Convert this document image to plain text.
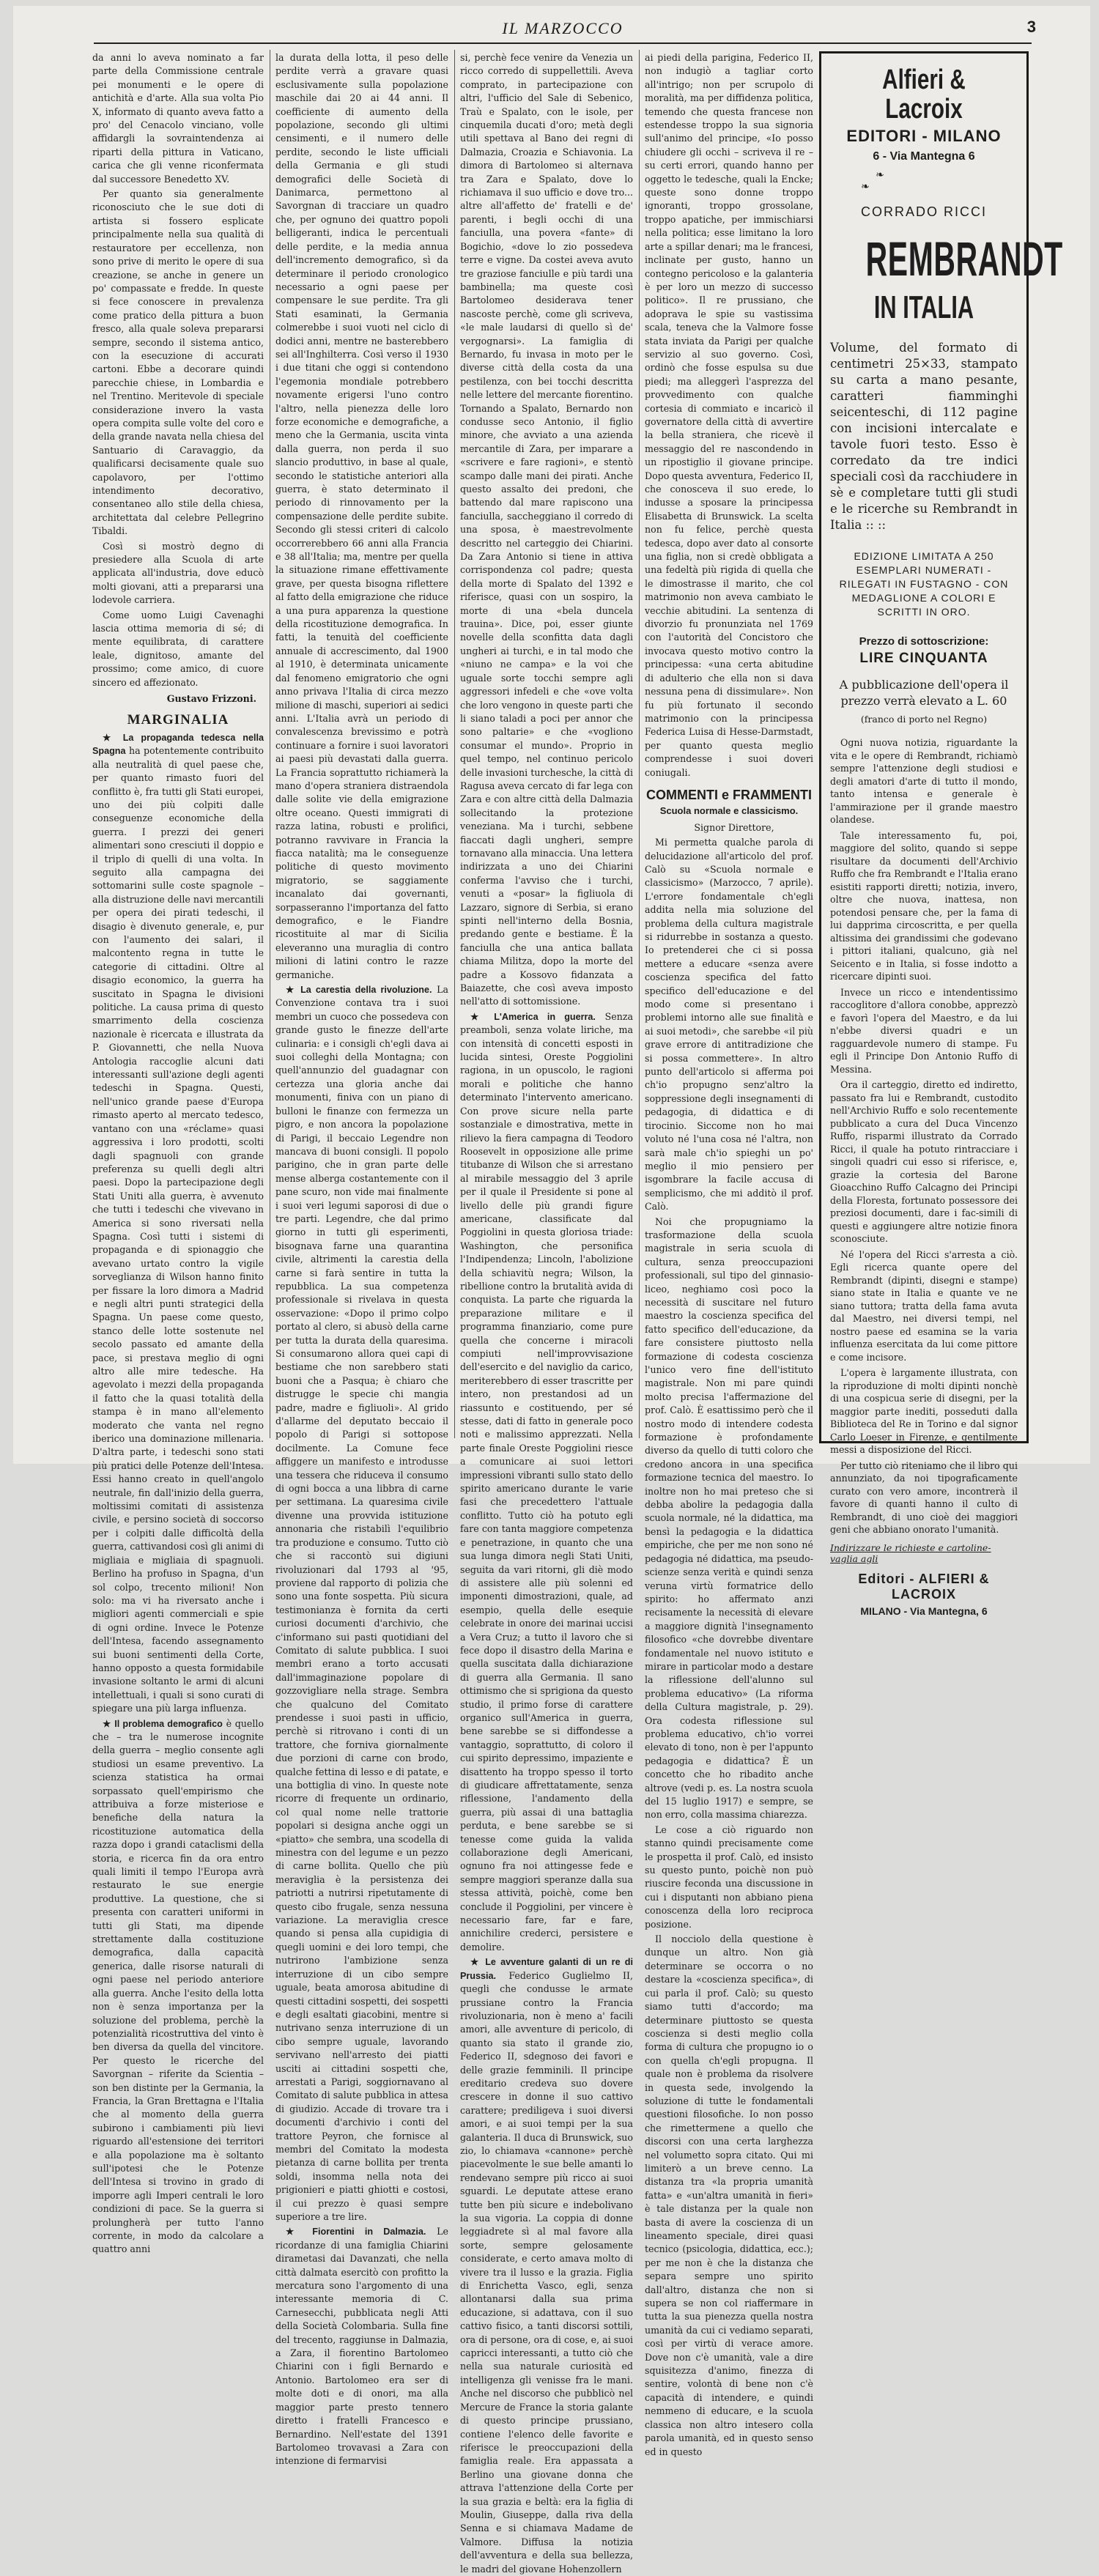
IL MARZOCCO	3

da anni lo aveva nominato a far parte della Commissione centrale pei monumenti e le opere di antichità e d'arte. Alla sua volta Pio X, informato di quanto aveva fatto a pro' del Cenacolo vinciano, volle affidargli la sovraintendenza ai riparti della pittura in Vaticano, carica che gli venne riconfermata dal successore Benedetto XV.

Per quanto sia generalmente riconosciuto che le sue doti di artista si fossero esplicate principalmente nella sua qualità di restauratore per eccellenza, non sono prive di merito le opere di sua creazione, se anche in genere un po' compassate e fredde. In queste si fece conoscere in prevalenza come pratico della pittura a buon fresco, alla quale soleva prepararsi sempre, secondo il sistema antico, con la esecuzione di accurati cartoni. Ebbe a decorare quindi parecchie chiese, in Lombardia e nel Trentino. Meritevole di speciale considerazione invero la vasta opera compita sulle volte del coro e della grande navata nella chiesa del Santuario di Caravaggio, da qualificarsi decisamente quale suo capolavoro, per l'ottimo intendimento decorativo, consentaneo allo stile della chiesa, architettata dal celebre Pellegrino Tibaldi.

Così si mostrò degno di presiedere alla Scuola di arte applicata all'industria, dove educò molti giovani, atti a prepararsi una lodevole carriera.

Come uomo Luigi Cavenaghi lascia ottima memoria di sé; di mente equilibrata, di carattere leale, dignitoso, amante del prossimo; come amico, di cuore sincero ed affezionato.

Gustavo Frizzoni.
MARGINALIA

★ La propaganda tedesca nella Spagna ha potentemente contribuito alla neutralità di quel paese che, per quanto rimasto fuori del conflitto è, fra tutti gli Stati europei, uno dei più colpiti dalle conseguenze economiche della guerra. I prezzi dei generi alimentari sono cresciuti il doppio e il triplo di quelli di una volta. In seguito alla campagna dei sottomarini sulle coste spagnole – alla distruzione delle navi mercantili per opera dei pirati tedeschi, il disagio è divenuto generale, e, pur con l'aumento dei salari, il malcontento regna in tutte le categorie di cittadini. Oltre al disagio economico, la guerra ha suscitato in Spagna le divisioni politiche. La causa prima di questo smarrimento della coscienza nazionale è ricercata e illustrata da P. Giovannetti, che nella Nuova Antologia raccoglie alcuni dati interessanti sull'azione degli agenti tedeschi in Spagna. Questi, nell'unico grande paese d'Europa rimasto aperto al mercato tedesco, vantano con una «réclame» quasi aggressiva i loro prodotti, scolti dagli spagnuoli con grande preferenza su quelli degli altri paesi. Dopo la partecipazione degli Stati Uniti alla guerra, è avvenuto che tutti i tedeschi che vivevano in America si sono riversati nella Spagna. Così tutti i sistemi di propaganda e di spionaggio che avevano urtato contro la vigile sorveglianza di Wilson hanno finito per fissare la loro dimora a Madrid e negli altri punti strategici della Spagna. Un paese come questo, stanco delle lotte sostenute nel secolo passato ed amante della pace, si prestava meglio di ogni altro alle mire tedesche. Ha agevolato i mezzi della propaganda il fatto che la quasi totalità della stampa è in mano all'elemento moderato che vanta nel regno iberico una dominazione millenaria. D'altra parte, i tedeschi sono stati più pratici delle Potenze dell'Intesa. Essi hanno creato in quell'angolo neutrale, fin dall'inizio della guerra, moltissimi comitati di assistenza civile, e persino società di soccorso per i colpiti dalle difficoltà della guerra, cattivandosi così gli animi di migliaia e migliaia di spagnuoli. Berlino ha profuso in Spagna, d'un sol colpo, trecento milioni! Non solo: ma vi ha riversato anche i migliori agenti commerciali e spie di ogni ordine. Invece le Potenze dell'Intesa, facendo assegnamento sui buoni sentimenti della Corte, hanno opposto a questa formidabile invasione soltanto le armi di alcuni intellettuali, i quali si sono curati di spiegare una più larga influenza.

★ Il problema demografico è quello che – tra le numerose incognite della guerra – meglio consente agli studiosi un esame preventivo. La scienza statistica ha ormai sorpassato quell'empirismo che attribuiva a forze misteriose e benefiche della natura la ricostituzione automatica della razza dopo i grandi cataclismi della storia, e ricerca fin da ora entro quali limiti il tempo l'Europa avrà restaurato le sue energie produttive. La questione, che si presenta con caratteri uniformi in tutti gli Stati, ma dipende strettamente dalla costituzione demografica, dalla capacità generica, dalle risorse naturali di ogni paese nel periodo anteriore alla guerra. Anche l'esito della lotta non è senza importanza per la soluzione del problema, perchè la potenzialità ricostruttiva del vinto è ben diversa da quella del vincitore. Per questo le ricerche del Savorgnan – riferite da Scientia – son ben distinte per la Germania, la Francia, la Gran Brettagna e l'Italia che al momento della guerra subirono i cambiamenti più lievi riguardo all'estensione dei territori e alla popolazione ma è soltanto sull'ipotesi che le Potenze dell'Intesa si trovino in grado di imporre agli Imperi centrali le loro condizioni di pace. Se la guerra si prolungherà per tutto l'anno corrente, in modo da calcolare a quattro anni

la durata della lotta, il peso delle perdite verrà a gravare quasi esclusivamente sulla popolazione maschile dai 20 ai 44 anni. Il coefficiente di aumento della popolazione, secondo gli ultimi censimenti, e il numero delle perdite, secondo le liste ufficiali della Germania e gli studi demografici delle Società di Danimarca, permettono al Savorgnan di tracciare un quadro che, per ognuno dei quattro popoli belligeranti, indica le percentuali delle perdite, e la media annua dell'incremento demografico, sì da determinare il periodo cronologico necessario a ogni paese per compensare le sue perdite. Tra gli Stati esaminati, la Germania colmerebbe i suoi vuoti nel ciclo di dodici anni, mentre ne basterebbero sei all'Inghilterra. Così verso il 1930 i due titani che oggi si contendono l'egemonia mondiale potrebbero novamente erigersi l'uno contro l'altro, nella pienezza delle loro forze economiche e demografiche, a meno che la Germania, uscita vinta dalla guerra, non perda il suo slancio produttivo, in base al quale, secondo le statistiche anteriori alla guerra, è stato determinato il periodo di rinnovamento per la compensazione delle perdite subite. Secondo gli stessi criteri di calcolo occorrerebbero 66 anni alla Francia e 38 all'Italia; ma, mentre per quella la situazione rimane effettivamente grave, per questa bisogna riflettere al fatto della emigrazione che riduce a una pura apparenza la questione della ricostituzione demografica. In fatti, la tenuità del coefficiente annuale di accrescimento, dal 1900 al 1910, è determinata unicamente dal fenomeno emigratorio che ogni anno privava l'Italia di circa mezzo milione di maschi, superiori ai sedici anni. L'Italia avrà un periodo di convalescenza brevissimo e potrà continuare a fornire i suoi lavoratori ai paesi più devastati dalla guerra. La Francia soprattutto richiamerà la mano d'opera straniera distraendola dalle solite vie della emigrazione oltre oceano. Questi immigrati di razza latina, robusti e prolifici, potranno ravvivare in Francia la fiacca natalità; ma le conseguenze politiche di questo movimento migratorio, se saggiamente incanalato dai governanti, sorpasseranno l'importanza del fatto demografico, e le Fiandre ricostituite al mar di Sicilia eleveranno una muraglia di contro milioni di latini contro le razze germaniche.

★ La carestia della rivoluzione. La Convenzione contava tra i suoi membri un cuoco che possedeva con grande gusto le finezze dell'arte culinaria: e i consigli ch'egli dava ai suoi colleghi della Montagna; con quell'annunzio del guadagnar con certezza una gloria anche dai monumenti, finiva con un piano di bulloni le finanze con fermezza un pigro, e non ancora la popolazione di Parigi, il beccaio Legendre non mancava di buoni consigli. Il popolo parigino, che in gran parte delle mense alberga costantemente con il pane scuro, non vide mai finalmente i suoi veri legumi saporosi di due o tre parti. Legendre, che dal primo giorno in tutti gli esperimenti, bisognava farne una quarantina civile, altrimenti la carestia della carne si farà sentire in tutta la repubblica. La sua competenza professionale si rivelava in questa osservazione: «Dopo il primo colpo portato al clero, si abusò della carne per tutta la durata della quaresima. Si consumarono allora quei capi di bestiame che non sarebbero stati buoni che a Pasqua; è chiaro che distrugge le specie chi mangia padre, madre e figliuoli». Al grido d'allarme del deputato beccaio il popolo di Parigi si sottopose docilmente. La Comune fece affiggere un manifesto e introdusse una tessera che riduceva il consumo di ogni bocca a una libbra di carne per settimana. La quaresima civile divenne una provvida istituzione annonaria che ristabilì l'equilibrio tra produzione e consumo. Tutto ciò che si raccontò sui digiuni rivoluzionari dal 1793 al '95, proviene dal rapporto di polizia che sono una fonte sospetta. Più sicura testimonianza è fornita da certi curiosi documenti d'archivio, che c'informano sui pasti quotidiani del Comitato di salute pubblica. I suoi membri erano a torto accusati dall'immaginazione popolare di gozzovigliare nella strage. Sembra che qualcuno del Comitato prendesse i suoi pasti in ufficio, perchè si ritrovano i conti di un trattore, che forniva giornalmente due porzioni di carne con brodo, qualche fettina di lesso e di patate, e una bottiglia di vino. In queste note ricorre di frequente un ordinario, col qual nome nelle trattorie popolari si designa anche oggi un «piatto» che sembra, una scodella di minestra con del legume e un pezzo di carne bollita. Quello che più meraviglia è la persistenza dei patriotti a nutrirsi ripetutamente di questo cibo frugale, senza nessuna variazione. La meraviglia cresce quando si pensa alla cupidigia di quegli uomini e dei loro tempi, che nutrirono l'ambizione senza interruzione di un cibo sempre uguale, beata amorosa abitudine di questi cittadini sospetti, dei sospetti e degli esaltati giacobini, mentre si nutrivano senza interruzione di un cibo sempre uguale, lavorando servivano nell'arresto dei piatti usciti ai cittadini sospetti che, arrestati a Parigi, soggiornavano al Comitato di salute pubblica in attesa di giudizio. Accade di trovare tra i documenti d'archivio i conti del trattore Peyron, che fornisce al membri del Comitato la modesta pietanza di carne bollita per trenta soldi, insomma nella nota dei prigionieri e piatti ghiotti e costosi, il cui prezzo è quasi sempre superiore a tre lire.

★ Fiorentini in Dalmazia. Le ricordanze di una famiglia Chiarini dirametasi dai Davanzati, che nella città dalmata esercitò con profitto la mercatura sono l'argomento di una interessante memoria di C. Carnesecchi, pubblicata negli Atti della Società Colombaria. Sulla fine del trecento, raggiunse in Dalmazia, a Zara, il fiorentino Bartolomeo Chiarini con i figli Bernardo e Antonio. Bartolomeo era ser di molte doti e di onori, ma alla maggior parte presto tennero diretto i fratelli Francesco e Bernardino. Nell'estate del 1391 Bartolomeo trovavasi a Zara con intenzione di fermarvisi

si, perchè fece venire da Venezia un ricco corredo di suppellettili. Aveva comprato, in partecipazione con altri, l'ufficio del Sale di Sebenico, Traù e Spalato, con le isole, per cinquemila ducati d'oro; metà degli utili spettava al Bano dei regni di Dalmazia, Croazia e Schiavonia. La dimora di Bartolomeo si alternava tra Zara e Spalato, dove lo richiamava il suo ufficio e dove tro... altre all'affetto de' fratelli e de' parenti, i begli occhi di una fanciulla, una povera «fante» di Bogichio, «dove lo zio possedeva terre e vigne. Da costei aveva avuto tre graziose fanciulle e più tardi una bambinella; ma queste così Bartolomeo desiderava tener nascoste perchè, come gli scriveva, «le male laudarsi di quello sì de' vergognarsi». La famiglia di Bernardo, fu invasa in moto per le diverse città della costa da una pestilenza, con bei tocchi descritta nelle lettere del mercante fiorentino. Tornando a Spalato, Bernardo non condusse seco Antonio, il figlio minore, che avviato a una azienda mercantile di Zara, per imparare a «scrivere e fare ragioni», e stentò scampo dalle mani dei pirati. Anche questo assalto dei predoni, che battendo dal mare rapiscono una fanciulla, saccheggiano il corredo di una sposa, è maestrevolmente descritto nel carteggio dei Chiarini. Da Zara Antonio si tiene in attiva corrispondenza col padre; questa della morte di Spalato del 1392 e riferisce, quasi con un sospiro, la morte di una «bela duncela trauina». Dice, poi, esser giunte novelle della sconfitta data dagli ungheri ai turchi, e in tal modo che «niuno ne campa» e la voi che uguale sorte tocchi sempre agli aggressori infedeli e che «ove volta che loro vengono in queste parti che li siano taladi a poci per annor che sono paltarie» e che «vogliono consumar el mundo». Proprio in quel tempo, nel continuo pericolo delle invasioni turchesche, la città di Ragusa aveva cercato di far lega con Zara e con altre città della Dalmazia sollecitando la protezione veneziana. Ma i turchi, sebbene fiaccati dagli ungheri, sempre tornavano alla minaccia. Una lettera indirizzata a uno dei Chiarini conferma l'avviso che i turchi, venuti a «posar» la figliuola di Lazzaro, signore di Serbia, si erano spinti nell'interno della Bosnia, predando gente e bestiame. È la fanciulla che una antica ballata chiama Militza, dopo la morte del padre a Kossovo fidanzata a Baiazette, che così aveva imposto nell'atto di sottomissione.

★ L'America in guerra. Senza preamboli, senza volate liriche, ma con intensità di concetti esposti in lucida sintesi, Oreste Poggiolini ragiona, in un opuscolo, le ragioni morali e politiche che hanno determinato l'intervento americano. Con prove sicure nella parte sostanziale e dimostrativa, mette in rilievo la fiera campagna di Teodoro Roosevelt in opposizione alle prime titubanze di Wilson che si arrestano al mirabile messaggio del 3 aprile per il quale il Presidente si pone al livello delle più grandi figure americane, classificate dal Poggiolini in questa gloriosa triade: Washington, che personifica l'Indipendenza; Lincoln, l'abolizione della schiavitù negra; Wilson, la ribellione contro la brutalità avida di conquista. La parte che riguarda la preparazione militare e il programma finanziario, come pure quella che concerne i miracoli compiuti nell'improvvisazione dell'esercito e del naviglio da carico, meriterebbero di esser trascritte per intero, non prestandosi ad un riassunto e costituendo, per sé stesse, dati di fatto in generale poco noti e malissimo apprezzati. Nella parte finale Oreste Poggiolini riesce a comunicare ai suoi lettori impressioni vibranti sullo stato dello spirito americano durante le varie fasi che precedettero l'attuale conflitto. Tutto ciò ha potuto egli fare con tanta maggiore competenza e penetrazione, in quanto che una sua lunga dimora negli Stati Uniti, seguita da vari ritorni, gli diè modo di assistere alle più solenni ed imponenti dimostrazioni, quale, ad esempio, quella delle esequie celebrate in onore dei marinai uccisi a Vera Cruz; a tutto il lavoro che si fece dopo il disastro della Marina e quella suscitata dalla dichiarazione di guerra alla Germania. Il sano ottimismo che si sprigiona da questo studio, il primo forse di carattere organico sull'America in guerra, bene sarebbe se si diffondesse a vantaggio, soprattutto, di coloro il cui spirito depressimo, impaziente e disattento ha troppo spesso il torto di giudicare affrettatamente, senza riflessione, l'andamento della guerra, più assai di una battaglia perduta, e bene sarebbe se si tenesse come guida la valida collaborazione degli Americani, ognuno fra noi attingesse fede e sempre maggiori speranze dalla sua stessa attività, poichè, come ben conclude il Poggiolini, per vincere è necessario fare, far e fare, annichilire crederci, persistere e demolire.

★ Le avventure galanti di un re di Prussia. Federico Guglielmo II, quegli che condusse le armate prussiane contro la Francia rivoluzionaria, non è meno a' facili amori, alle avventure di pericolo, di quanto sia stato il grande zio, Federico II, sdegnoso dei favori e delle grazie femminili. Il principe ereditario credeva suo dovere crescere in donne il suo cattivo carattere; prediligeva i suoi diversi amori, e ai suoi tempi per la sua galanteria. Il duca di Brunswick, suo zio, lo chiamava «cannone» perchè piacevolmente le sue belle amanti lo rendevano sempre più ricco ai suoi sguardi. Le deputate attese erano tutte ben più sicure e indebolivano la sua vigoria. La coppia di donne leggiadrete sì al mal favore alla sorte, sempre gelosamente considerate, e certo amava molto di vivere tra il lusso e la grazia. Figlia di Enrichetta Vasco, egli, senza allontanarsi dalla sua prima educazione, si adattava, con il suo cattivo fisico, a tanti discorsi sottili, ora di persone, ora di cose, e, ai suoi capricci interessanti, a tutto ciò che nella sua naturale curiosità ed intelligenza gli venisse fra le mani. Anche nel discorso che pubblicò nel Mercure de France la storia galante di questo principe prussiano, contiene l'elenco delle favorite e riferisce le preoccupazioni della famiglia reale. Era appassata a Berlino una giovane donna che attrava l'attenzione della Corte per la sua grazia e beltà: era la figlia di Moulin, Giuseppe, dalla riva della Senna e si chiamava Madame de Valmore. Diffusa la notizia dell'avventura e della sua bellezza, le madri del giovane Hohenzollern

ai piedi della parigina, Federico II, non indugiò a tagliar corto all'intrigo; non per scrupolo di moralità, ma per diffidenza politica, temendo che questa francese non estendesse troppo la sua signoria sull'animo del principe, «Io posso chiudere gli occhi – scriveva il re – su certi errori, quando hanno per oggetto le tedesche, quali la Encke; queste sono donne troppo ignoranti, troppo grossolane, troppo apatiche, per immischiarsi nella politica; esse limitano la loro arte a spillar denari; ma le francesi, inclinate per gusto, hanno un contegno pericoloso e la galanteria è per loro un mezzo di successo politico». Il re prussiano, che adoprava le spie su vastissima scala, teneva che la Valmore fosse stata inviata da Parigi per qualche servizio al suo governo. Così, ordinò che fosse espulsa su due piedi; ma alleggerì l'asprezza del provvedimento con qualche cortesia di commiato e incaricò il governatore della città di avvertire la bella straniera, che ricevè il messaggio del re nascondendo in un ripostiglio il giovane principe. Dopo questa avventura, Federico II, che conosceva il suo erede, lo indusse a sposare la principessa Elisabetta di Brunswick. La scelta non fu felice, perchè questa tedesca, dopo aver dato al consorte una figlia, non si credè obbligata a una fedeltà più rigida di quella che le dimostrasse il marito, che col matrimonio non aveva cambiato le vecchie abitudini. La sentenza di divorzio fu pronunziata nel 1769 con l'autorità del Concistoro che invocava questo motivo contro la principessa: «una certa abitudine di adulterio che ella non si dava nessuna pena di dissimulare». Non fu più fortunato il secondo matrimonio con la principessa Federica Luisa di Hesse-Darmstadt, per quanto questa meglio comprendesse i suoi doveri coniugali.

COMMENTI e FRAMMENTI
Scuola normale e classicismo.

Signor Direttore,

Mi permetta qualche parola di delucidazione all'articolo del prof. Calò su «Scuola normale e classicismo» (Marzocco, 7 aprile). L'errore fondamentale ch'egli addita nella mia soluzione del problema della cultura magistrale si ridurrebbe in sostanza a questo. Io pretenderei che ci si possa mettere a educare «senza avere coscienza specifica del fatto specifico dell'educazione e del modo come si presentano i problemi intorno alle sue finalità e ai suoi metodi», che sarebbe «il più grave errore di antitradizione che si possa commettere». In altro punto dell'articolo si afferma poi ch'io propugno senz'altro la soppressione degli insegnamenti di pedagogia, di didattica e di tirocinio. Siccome non ho mai voluto né l'una cosa né l'altra, non sarà male ch'io spieghi un po' meglio il mio pensiero per isgombrare la facile accusa di semplicismo, che mi additò il prof. Calò.

Noi che propugniamo la trasformazione della scuola magistrale in seria scuola di cultura, senza preoccupazioni professionali, sul tipo del ginnasio-liceo, neghiamo così poco la necessità di suscitare nel futuro maestro la coscienza specifica del fatto specifico dell'educazione, da fare consistere piuttosto nella formazione di codesta coscienza l'unico vero fine dell'istituto magistrale. Non mi pare quindi molto precisa l'affermazione del prof. Calò. È esattissimo però che il nostro modo di intendere codesta formazione è profondamente diverso da quello di tutti coloro che credono ancora in una specifica formazione tecnica del maestro. Io inoltre non ho mai preteso che si debba abolire la pedagogia dalla scuola normale, né la didattica, ma bensì la pedagogia e la didattica empiriche, che per me non sono né pedagogia né didattica, ma pseudo-scienze senza verità e quindi senza veruna virtù formatrice dello spirito: ho affermato anzi recisamente la necessità di elevare a maggiore dignità l'insegnamento filosofico «che dovrebbe diventare fondamentale nel nuovo istituto e mirare in particolar modo a destare la riflessione dell'alunno sul problema educativo» (La riforma della Cultura magistrale, p. 29). Ora codesta riflessione sul problema educativo, ch'io vorrei elevato di tono, non è per l'appunto pedagogia e didattica? È un concetto che ho ribadito anche altrove (vedi p. es. La nostra scuola del 15 luglio 1917) e sempre, se non erro, colla massima chiarezza.

Le cose a ciò riguardo non stanno quindi precisamente come le prospetta il prof. Calò, ed insisto su questo punto, poichè non può riuscire feconda una discussione in cui i disputanti non abbiano piena conoscenza della loro reciproca posizione.

Il nocciolo della questione è dunque un altro. Non già determinare se occorra o no destare la «coscienza specifica», di cui parla il prof. Calò; su questo siamo tutti d'accordo; ma determinare piuttosto se questa coscienza si desti meglio colla forma di cultura che propugno io o con quella ch'egli propugna. Il quale non è problema da risolvere in questa sede, involgendo la soluzione di tutte le fondamentali questioni filosofiche. Io non posso che rimettermene a quello che discorsi con una certa larghezza nel volumetto sopra citato. Qui mi limiterò a un breve cenno. La distanza tra «la propria umanità fatta» e «un'altra umanità in fieri» è tale distanza per la quale non basta di avere la coscienza di un lineamento speciale, direi quasi tecnico (psicologia, didattica, ecc.); per me non è che la distanza che separa sempre uno spirito dall'altro, distanza che non si supera se non col riaffermare in tutta la sua pienezza quella nostra umanità da cui ci vediamo separati, così per virtù di verace amore. Dove non c'è umanità, vale a dire squisitezza d'animo, finezza di sentire, volontà di bene non c'è capacità di intendere, e quindi nemmeno di educare, e la scuola classica non altro intesero colla parola umanità, ed in questo senso ed in questo

Alfieri & Lacroix
EDITORI - MILANO
6 - Via Mantegna 6
❧ ❧
CORRADO RICCI
REMBRANDT
IN ITALIA
Volume, del formato di centimetri 25×33, stampato su carta a mano pesante, caratteri fiamminghi seicenteschi, di 112 pagine con incisioni intercalate e tavole fuori testo. Esso è corredato da tre indici speciali così da racchiudere in sè e completare tutti gli studi e le ricerche su Rembrandt in Italia :: ::
EDIZIONE LIMITATA A 250 ESEMPLARI NUMERATI - RILEGATI IN FUSTAGNO - CON MEDAGLIONE A COLORI E SCRITTI IN ORO.
Prezzo di sottoscrizione:
LIRE CINQUANTA
A pubblicazione dell'opera il prezzo verrà elevato a L. 60
(franco di porto nel Regno)

Ogni nuova notizia, riguardante la vita e le opere di Rembrandt, richiamò sempre l'attenzione degli studiosi e degli amatori d'arte di tutto il mondo, tanto intensa e generale è l'ammirazione per il grande maestro olandese.

Tale interessamento fu, poi, maggiore del solito, quando si seppe risultare da documenti dell'Archivio Ruffo che fra Rembrandt e l'Italia erano esistiti rapporti diretti; notizia, invero, oltre che nuova, inattesa, non potendosi pensare che, per la fama di lui dapprima circoscritta, e per quella altissima dei grandissimi che godevano i pittori italiani, qualcuno, già nel Seicento e in Italia, si fosse indotto a ricercare dipinti suoi.

Invece un ricco e intendentissimo raccoglitore d'allora conobbe, apprezzò e favorì l'opera del Maestro, e da lui n'ebbe diversi quadri e un ragguardevole numero di stampe. Fu egli il Principe Don Antonio Ruffo di Messina.

Ora il carteggio, diretto ed indiretto, passato fra lui e Rembrandt, custodito nell'Archivio Ruffo e solo recentemente pubblicato a cura del Duca Vincenzo Ruffo, risparmi illustrato da Corrado Ricci, il quale ha potuto rintracciare i singoli quadri cui esso si riferisce, e, grazie la cortesia del Barone Gioacchino Ruffo Calcagno dei Principi della Floresta, fortunato possessore dei preziosi documenti, dare i fac-simili di questi e aggiungere altre notizie finora sconosciute.

Né l'opera del Ricci s'arresta a ciò. Egli ricerca quante opere del Rembrandt (dipinti, disegni e stampe) siano state in Italia e quante ve ne siano tuttora; tratta della fama avuta dal Maestro, nei diversi tempi, nel nostro paese ed esamina se la varia influenza esercitata da lui come pittore e come incisore.

L'opera è largamente illustrata, con la riproduzione di molti dipinti nonchè di una cospicua serie di disegni, per la maggior parte inediti, posseduti dalla Biblioteca del Re in Torino e dal signor Carlo Loeser in Firenze, e gentilmente messi a disposizione del Ricci.

Per tutto ciò riteniamo che il libro qui annunziato, da noi tipograficamente curato con vero amore, incontrerà il favore di quanti hanno il culto di Rembrandt, di uno cioè dei maggiori geni che abbiano onorato l'umanità.

Indirizzare le richieste e cartoline-vaglia agli
Editori - ALFIERI & LACROIX
MILANO - Via Mantegna, 6
